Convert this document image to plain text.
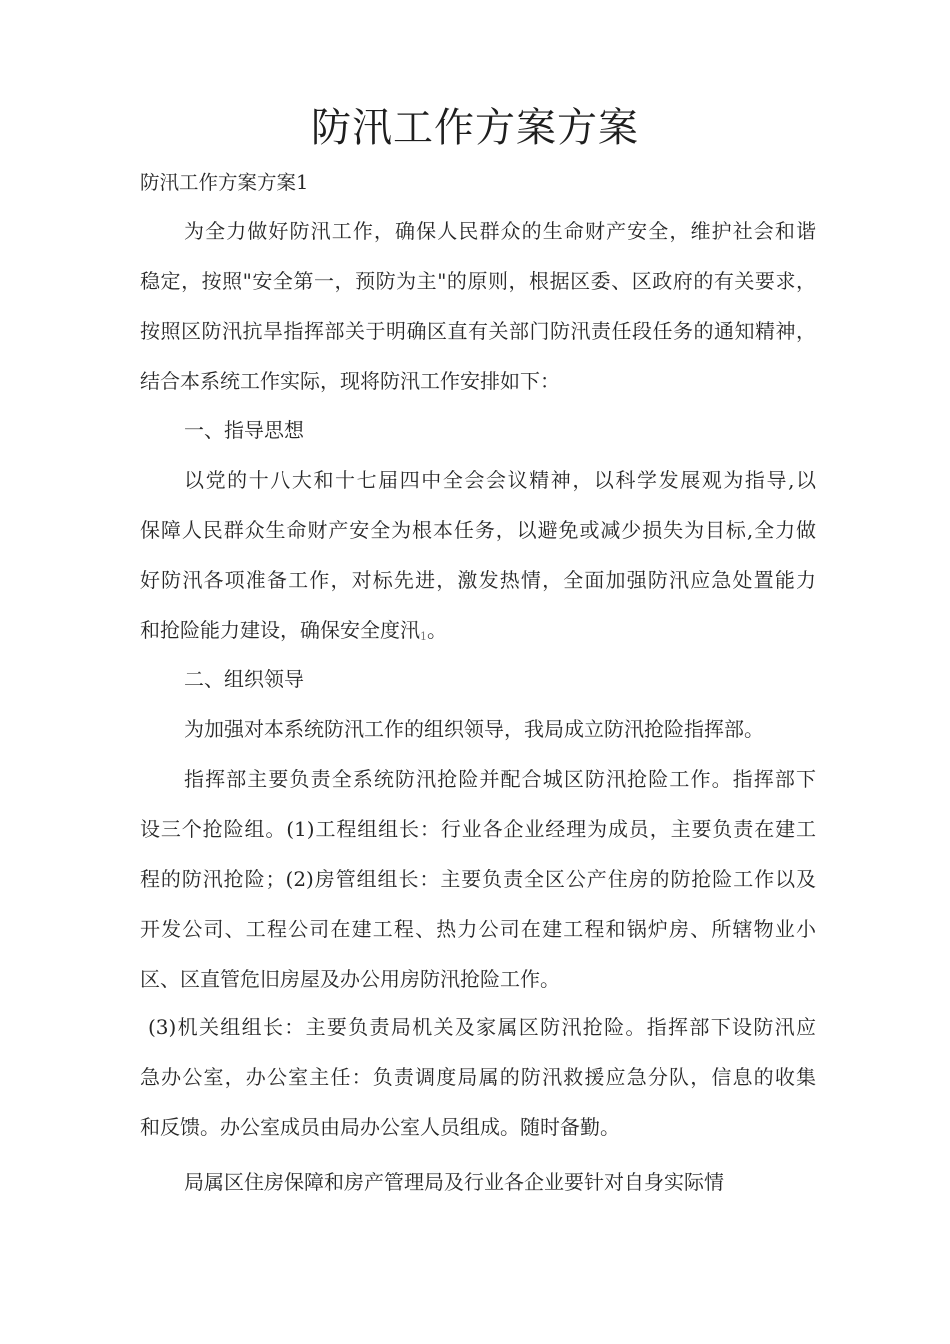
防汛工作方案方案
防汛工作方案方案1
为全力做好防汛工作，确保人民群众的生命财产安全，维护社会和谐
稳定，按照"安全第一，预防为主"的原则，根据区委、区政府的有关要求，
按照区防汛抗旱指挥部关于明确区直有关部门防汛责任段任务的通知精神，
结合本系统工作实际，现将防汛工作安排如下：
一、指导思想
以党的十八大和十七届四中全会会议精神，以科学发展观为指导,以
保障人民群众生命财产安全为根本任务，以避免或减少损失为目标,全力做
好防汛各项准备工作，对标先进，激发热情，全面加强防汛应急处置能力
和抢险能力建设，确保安全度汛1。
二、组织领导
为加强对本系统防汛工作的组织领导，我局成立防汛抢险指挥部。
指挥部主要负责全系统防汛抢险并配合城区防汛抢险工作。指挥部下
设三个抢险组。(1)工程组组长：行业各企业经理为成员，主要负责在建工
程的防汛抢险；(2)房管组组长：主要负责全区公产住房的防抢险工作以及
开发公司、工程公司在建工程、热力公司在建工程和锅炉房、所辖物业小
区、区直管危旧房屋及办公用房防汛抢险工作。
(3)机关组组长：主要负责局机关及家属区防汛抢险。指挥部下设防汛应
急办公室，办公室主任：负责调度局属的防汛救援应急分队，信息的收集
和反馈。办公室成员由局办公室人员组成。随时备勤。
局属区住房保障和房产管理局及行业各企业要针对自身实际情
